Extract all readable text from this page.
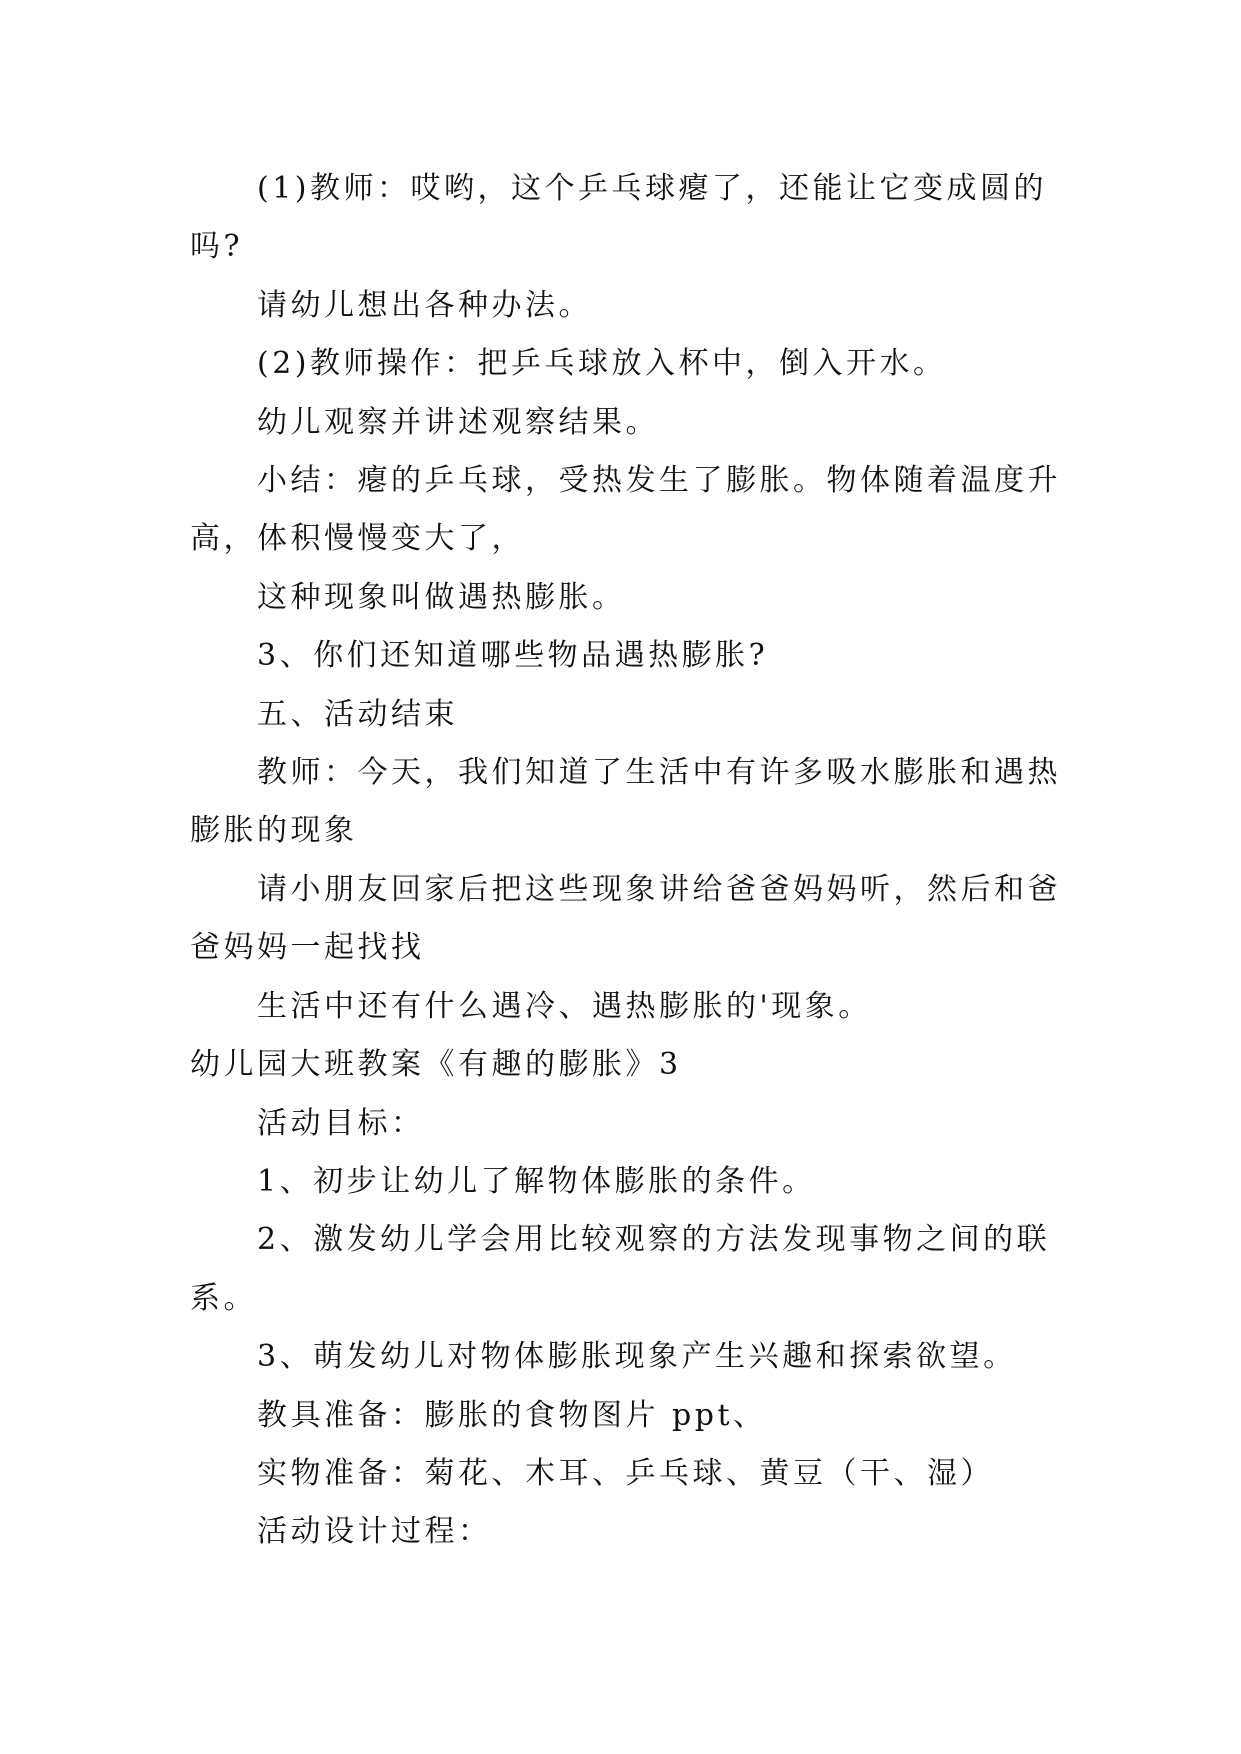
(1)教师：哎哟，这个乒乓球瘪了，还能让它变成圆的吗?

请幼儿想出各种办法。

(2)教师操作：把乒乓球放入杯中，倒入开水。

幼儿观察并讲述观察结果。

小结：瘪的乒乓球，受热发生了膨胀。物体随着温度升高，体积慢慢变大了，

这种现象叫做遇热膨胀。

3、你们还知道哪些物品遇热膨胀?

五、活动结束

教师：今天，我们知道了生活中有许多吸水膨胀和遇热膨胀的现象

请小朋友回家后把这些现象讲给爸爸妈妈听，然后和爸爸妈妈一起找找

生活中还有什么遇冷、遇热膨胀的'现象。

幼儿园大班教案《有趣的膨胀》3

活动目标：

1、初步让幼儿了解物体膨胀的条件。

2、激发幼儿学会用比较观察的方法发现事物之间的联系。

3、萌发幼儿对物体膨胀现象产生兴趣和探索欲望。

教具准备：膨胀的食物图片 ppt、

实物准备：菊花、木耳、乒乓球、黄豆（干、湿）

活动设计过程：
